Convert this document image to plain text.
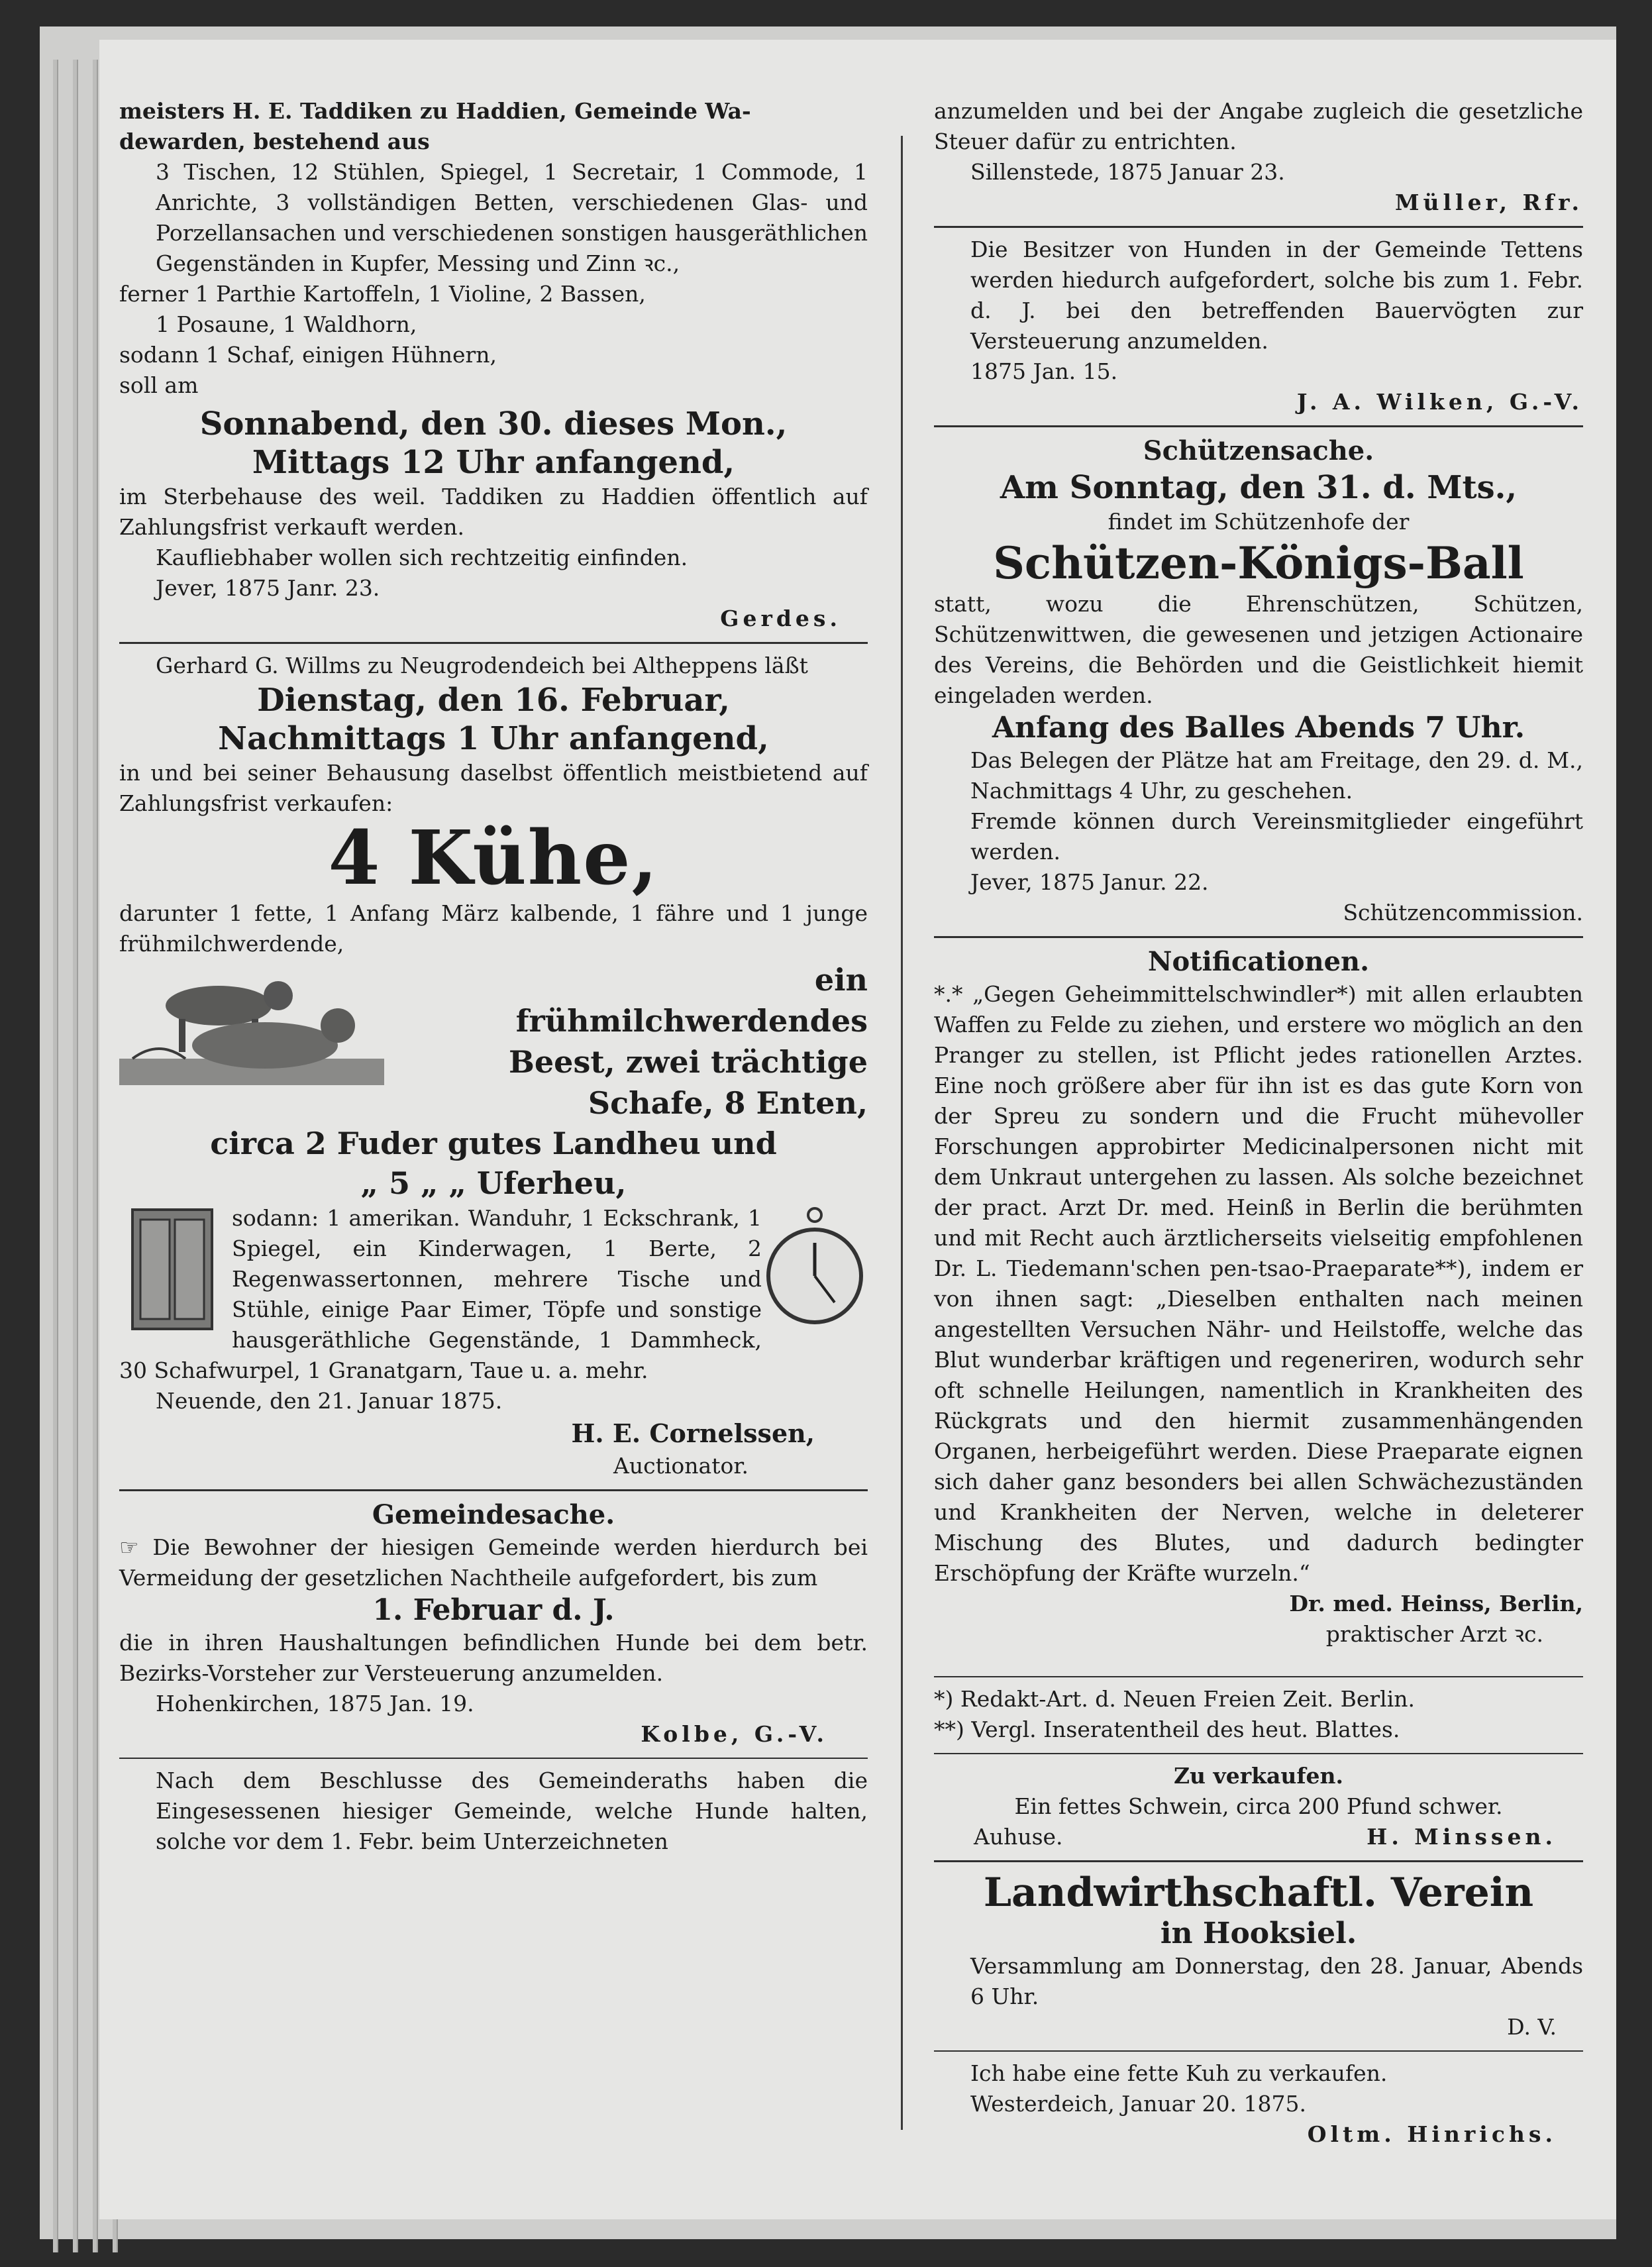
meisters H. E. Taddiken zu Haddien, Gemeinde Wa-

dewarden, bestehend aus

3 Tischen, 12 Stühlen, Spiegel, 1 Secretair, 1 Commode, 1 Anrichte, 3 vollständigen Betten, verschiedenen Glas- und Porzellansachen und verschiedenen sonstigen hausgeräthlichen Gegenständen in Kupfer, Messing und Zinn ꝛc.,

ferner 1 Parthie Kartoffeln, 1 Violine, 2 Bassen,

1 Posaune, 1 Waldhorn,

sodann 1 Schaf, einigen Hühnern,

soll am

Sonnabend, den 30. dieses Mon.,

Mittags 12 Uhr anfangend,

im Sterbehause des weil. Taddiken zu Haddien öffentlich auf Zahlungsfrist verkauft werden.

Kaufliebhaber wollen sich rechtzeitig einfinden.

Jever, 1875 Janr. 23.

Gerdes.

Gerhard G. Willms zu Neugrodendeich bei Altheppens läßt

Dienstag, den 16. Februar,

Nachmittags 1 Uhr anfangend,

in und bei seiner Behausung daselbst öffentlich meistbietend auf Zahlungsfrist verkaufen:

4 Kühe,

darunter 1 fette, 1 Anfang März kalbende, 1 fähre und 1 junge frühmilchwerdende,

ein

frühmilchwerdendes

Beest, zwei trächtige

Schafe, 8 Enten,

circa 2 Fuder gutes Landheu und

„ 5 „ „ Uferheu,

sodann: 1 amerikan. Wanduhr, 1 Eckschrank, 1 Spiegel, ein Kinderwagen, 1 Berte, 2 Regenwassertonnen, mehrere Tische und Stühle, einige Paar Eimer, Töpfe und sonstige hausgeräthliche Gegenstände, 1 Dammheck, 30 Schafwurpel, 1 Granatgarn, Taue u. a. mehr.

Neuende, den 21. Januar 1875.

H. E. Cornelssen,

Auctionator.

Gemeindesache.

☞ Die Bewohner der hiesigen Gemeinde werden hierdurch bei Vermeidung der gesetzlichen Nachtheile aufgefordert, bis zum

1. Februar d. J.

die in ihren Haushaltungen befindlichen Hunde bei dem betr. Bezirks-Vorsteher zur Versteuerung anzumelden.

Hohenkirchen, 1875 Jan. 19.

Kolbe, G.-V.

Nach dem Beschlusse des Gemeinderaths haben die Eingesessenen hiesiger Gemeinde, welche Hunde halten, solche vor dem 1. Febr. beim Unterzeichneten

anzumelden und bei der Angabe zugleich die gesetzliche Steuer dafür zu entrichten.

Sillenstede, 1875 Januar 23.

Müller, Rfr.

Die Besitzer von Hunden in der Gemeinde Tettens werden hiedurch aufgefordert, solche bis zum 1. Febr. d. J. bei den betreffenden Bauervögten zur Versteuerung anzumelden.

1875 Jan. 15.

J. A. Wilken, G.-V.

Schützensache.

Am Sonntag, den 31. d. Mts.,

findet im Schützenhofe der

Schützen-Königs-Ball

statt, wozu die Ehrenschützen, Schützen, Schützenwittwen, die gewesenen und jetzigen Actionaire des Vereins, die Behörden und die Geistlichkeit hiemit eingeladen werden.

Anfang des Balles Abends 7 Uhr.

Das Belegen der Plätze hat am Freitage, den 29. d. M., Nachmittags 4 Uhr, zu geschehen.

Fremde können durch Vereinsmitglieder eingeführt werden.

Jever, 1875 Janur. 22.

Schützencommission.

Notificationen.

*.* „Gegen Geheimmittelschwindler*) mit allen erlaubten Waffen zu Felde zu ziehen, und erstere wo möglich an den Pranger zu stellen, ist Pflicht jedes rationellen Arztes. Eine noch größere aber für ihn ist es das gute Korn von der Spreu zu sondern und die Frucht mühevoller Forschungen approbirter Medicinalpersonen nicht mit dem Unkraut untergehen zu lassen. Als solche bezeichnet der pract. Arzt Dr. med. Heinß in Berlin die berühmten und mit Recht auch ärztlicherseits vielseitig empfohlenen Dr. L. Tiedemann'schen pen-tsao-Praeparate**), indem er von ihnen sagt: „Dieselben enthalten nach meinen angestellten Versuchen Nähr- und Heilstoffe, welche das Blut wunderbar kräftigen und regeneriren, wodurch sehr oft schnelle Heilungen, namentlich in Krankheiten des Rückgrats und den hiermit zusammenhängenden Organen, herbeigeführt werden. Diese Praeparate eignen sich daher ganz besonders bei allen Schwächezuständen und Krankheiten der Nerven, welche in deleterer Mischung des Blutes, und dadurch bedingter Erschöpfung der Kräfte wurzeln.“

Dr. med. Heinss, Berlin,

praktischer Arzt ꝛc.

*) Redakt-Art. d. Neuen Freien Zeit. Berlin.

**) Vergl. Inseratentheil des heut. Blattes.

Zu verkaufen.

Ein fettes Schwein, circa 200 Pfund schwer.

Auhuse.	H. Minssen.

Landwirthschaftl. Verein

in Hooksiel.

Versammlung am Donnerstag, den 28. Januar, Abends 6 Uhr.

D. V.

Ich habe eine fette Kuh zu verkaufen.

Westerdeich, Januar 20. 1875.

Oltm. Hinrichs.
